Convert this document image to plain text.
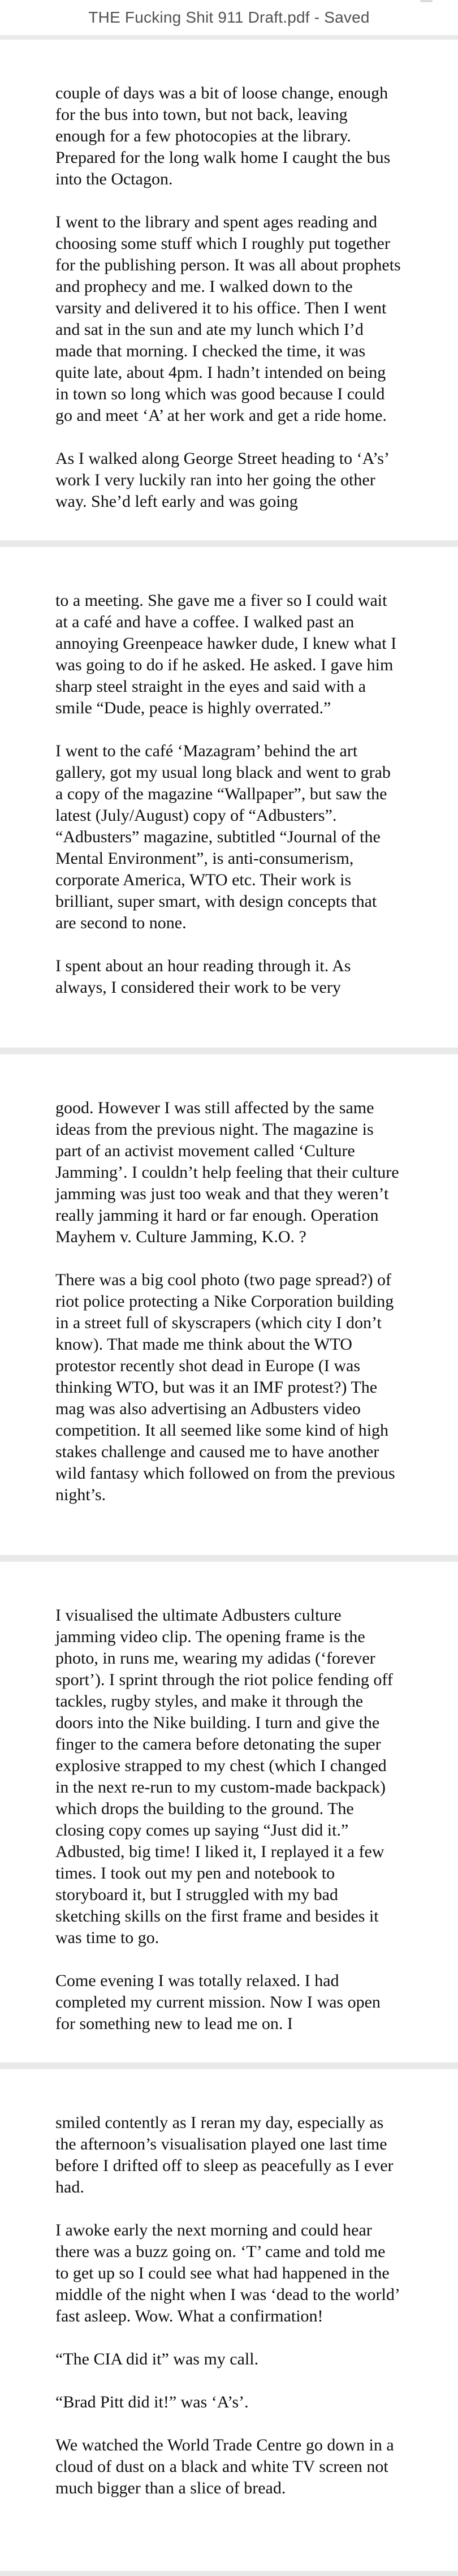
THE Fucking Shit 911 Draft.pdf - Saved

couple of days was a bit of loose change, enough for the bus into town, but not back, leaving enough for a few photocopies at the library. Prepared for the long walk home I caught the bus into the Octagon.

I went to the library and spent ages reading and choosing some stuff which I roughly put together for the publishing person. It was all about prophets and prophecy and me. I walked down to the varsity and delivered it to his office. Then I went and sat in the sun and ate my lunch which I’d made that morning. I checked the time, it was quite late, about 4pm. I hadn’t intended on being in town so long which was good because I could go and meet ‘A’ at her work and get a ride home.

As I walked along George Street heading to ‘A’s’ work I very luckily ran into her going the other way. She’d left early and was going

to a meeting. She gave me a fiver so I could wait at a café and have a coffee. I walked past an annoying Greenpeace hawker dude, I knew what I was going to do if he asked. He asked. I gave him sharp steel straight in the eyes and said with a smile “Dude, peace is highly overrated.”

I went to the café ‘Mazagram’ behind the art gallery, got my usual long black and went to grab a copy of the magazine “Wallpaper”, but saw the latest (July/August) copy of “Adbusters”. “Adbusters” magazine, subtitled “Journal of the Mental Environment”, is anti-consumerism, corporate America, WTO etc. Their work is brilliant, super smart, with design concepts that are second to none.

I spent about an hour reading through it. As always, I considered their work to be very

good. However I was still affected by the same ideas from the previous night. The magazine is part of an activist movement called ‘Culture Jamming’. I couldn’t help feeling that their culture jamming was just too weak and that they weren’t really jamming it hard or far enough. Operation Mayhem v. Culture Jamming, K.O. ?

There was a big cool photo (two page spread?) of riot police protecting a Nike Corporation building in a street full of skyscrapers (which city I don’t know). That made me think about the WTO protestor recently shot dead in Europe (I was thinking WTO, but was it an IMF protest?) The mag was also advertising an Adbusters video competition. It all seemed like some kind of high stakes challenge and caused me to have another wild fantasy which followed on from the previous night’s.

I visualised the ultimate Adbusters culture jamming video clip. The opening frame is the photo, in runs me, wearing my adidas (‘forever sport’). I sprint through the riot police fending off tackles, rugby styles, and make it through the doors into the Nike building. I turn and give the finger to the camera before detonating the super explosive strapped to my chest (which I changed in the next re-run to my custom-made backpack) which drops the building to the ground. The closing copy comes up saying “Just did it.” Adbusted, big time! I liked it, I replayed it a few times. I took out my pen and notebook to storyboard it, but I struggled with my bad sketching skills on the first frame and besides it was time to go.

Come evening I was totally relaxed. I had completed my current mission. Now I was open for something new to lead me on. I

smiled contently as I reran my day, especially as the afternoon’s visualisation played one last time before I drifted off to sleep as peacefully as I ever had.

I awoke early the next morning and could hear there was a buzz going on. ‘T’ came and told me to get up so I could see what had happened in the middle of the night when I was ‘dead to the world’ fast asleep. Wow. What a confirmation!

“The CIA did it” was my call.

“Brad Pitt did it!” was ‘A’s’.

We watched the World Trade Centre go down in a cloud of dust on a black and white TV screen not much bigger than a slice of bread.
